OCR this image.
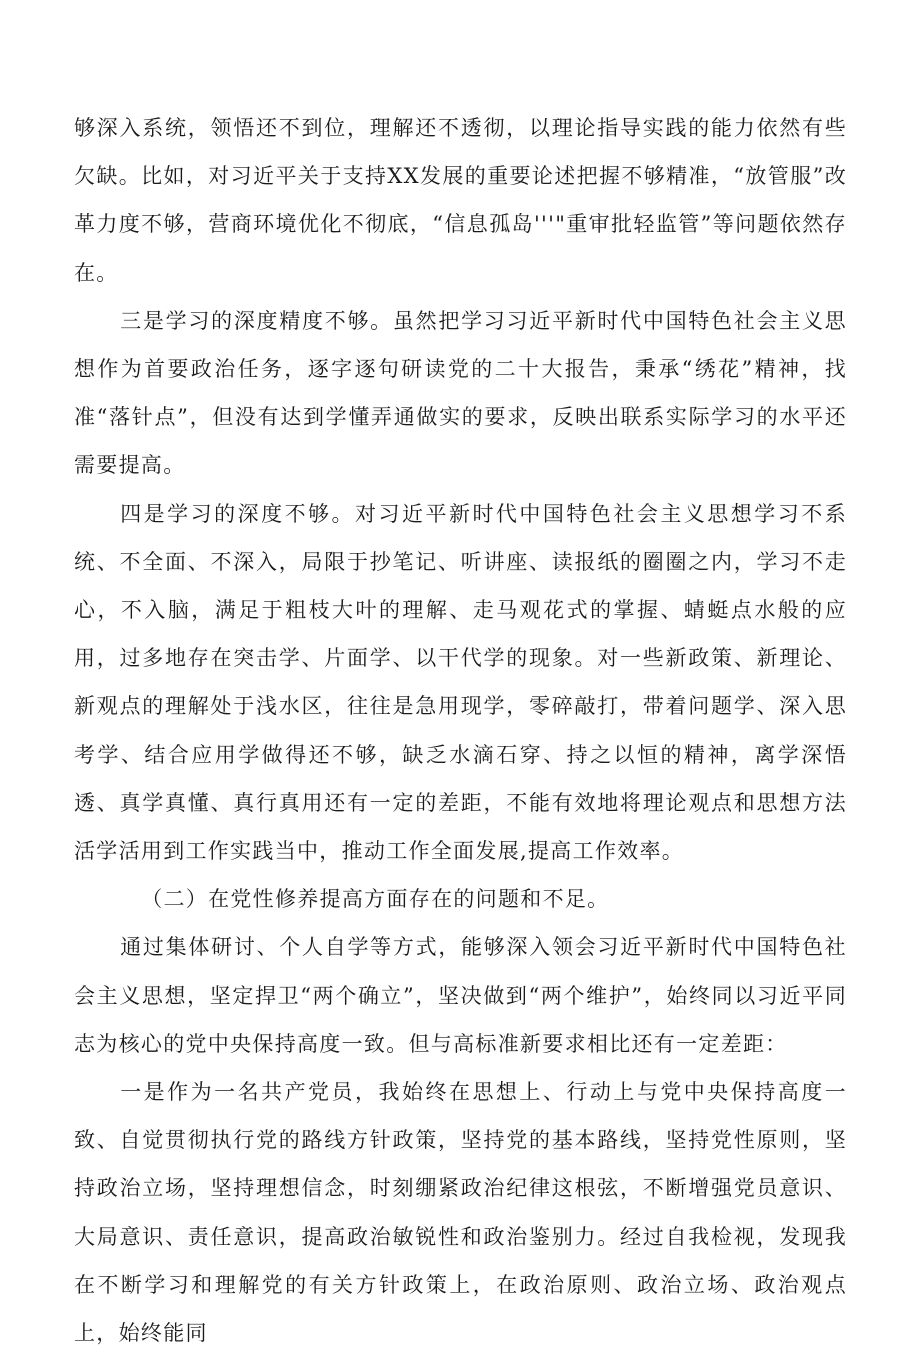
够深入系统，领悟还不到位，理解还不透彻，以理论指导实践的能力依然有些欠缺。比如，对习近平关于支持XX发展的重要论述把握不够精准，“放管服”改革力度不够，营商环境优化不彻底，“信息孤岛'''"重审批轻监管”等问题依然存在。

三是学习的深度精度不够。虽然把学习习近平新时代中国特色社会主义思想作为首要政治任务，逐字逐句研读党的二十大报告，秉承“绣花”精神，找准“落针点”，但没有达到学懂弄通做实的要求，反映出联系实际学习的水平还需要提高。

四是学习的深度不够。对习近平新时代中国特色社会主义思想学习不系统、不全面、不深入，局限于抄笔记、听讲座、读报纸的圈圈之内，学习不走心，不入脑，满足于粗枝大叶的理解、走马观花式的掌握、蜻蜓点水般的应用，过多地存在突击学、片面学、以干代学的现象。对一些新政策、新理论、新观点的理解处于浅水区，往往是急用现学，零碎敲打，带着问题学、深入思考学、结合应用学做得还不够，缺乏水滴石穿、持之以恒的精神，离学深悟透、真学真懂、真行真用还有一定的差距，不能有效地将理论观点和思想方法活学活用到工作实践当中，推动工作全面发展,提高工作效率。

（二）在党性修养提高方面存在的问题和不足。

通过集体研讨、个人自学等方式，能够深入领会习近平新时代中国特色社会主义思想，坚定捍卫“两个确立”，坚决做到“两个维护”，始终同以习近平同志为核心的党中央保持高度一致。但与高标准新要求相比还有一定差距：

一是作为一名共产党员，我始终在思想上、行动上与党中央保持高度一致、自觉贯彻执行党的路线方针政策，坚持党的基本路线，坚持党性原则，坚持政治立场，坚持理想信念，时刻绷紧政治纪律这根弦，不断增强党员意识、大局意识、责任意识，提高政治敏锐性和政治鉴别力。经过自我检视，发现我在不断学习和理解党的有关方针政策上，在政治原则、政治立场、政治观点上，始终能同
